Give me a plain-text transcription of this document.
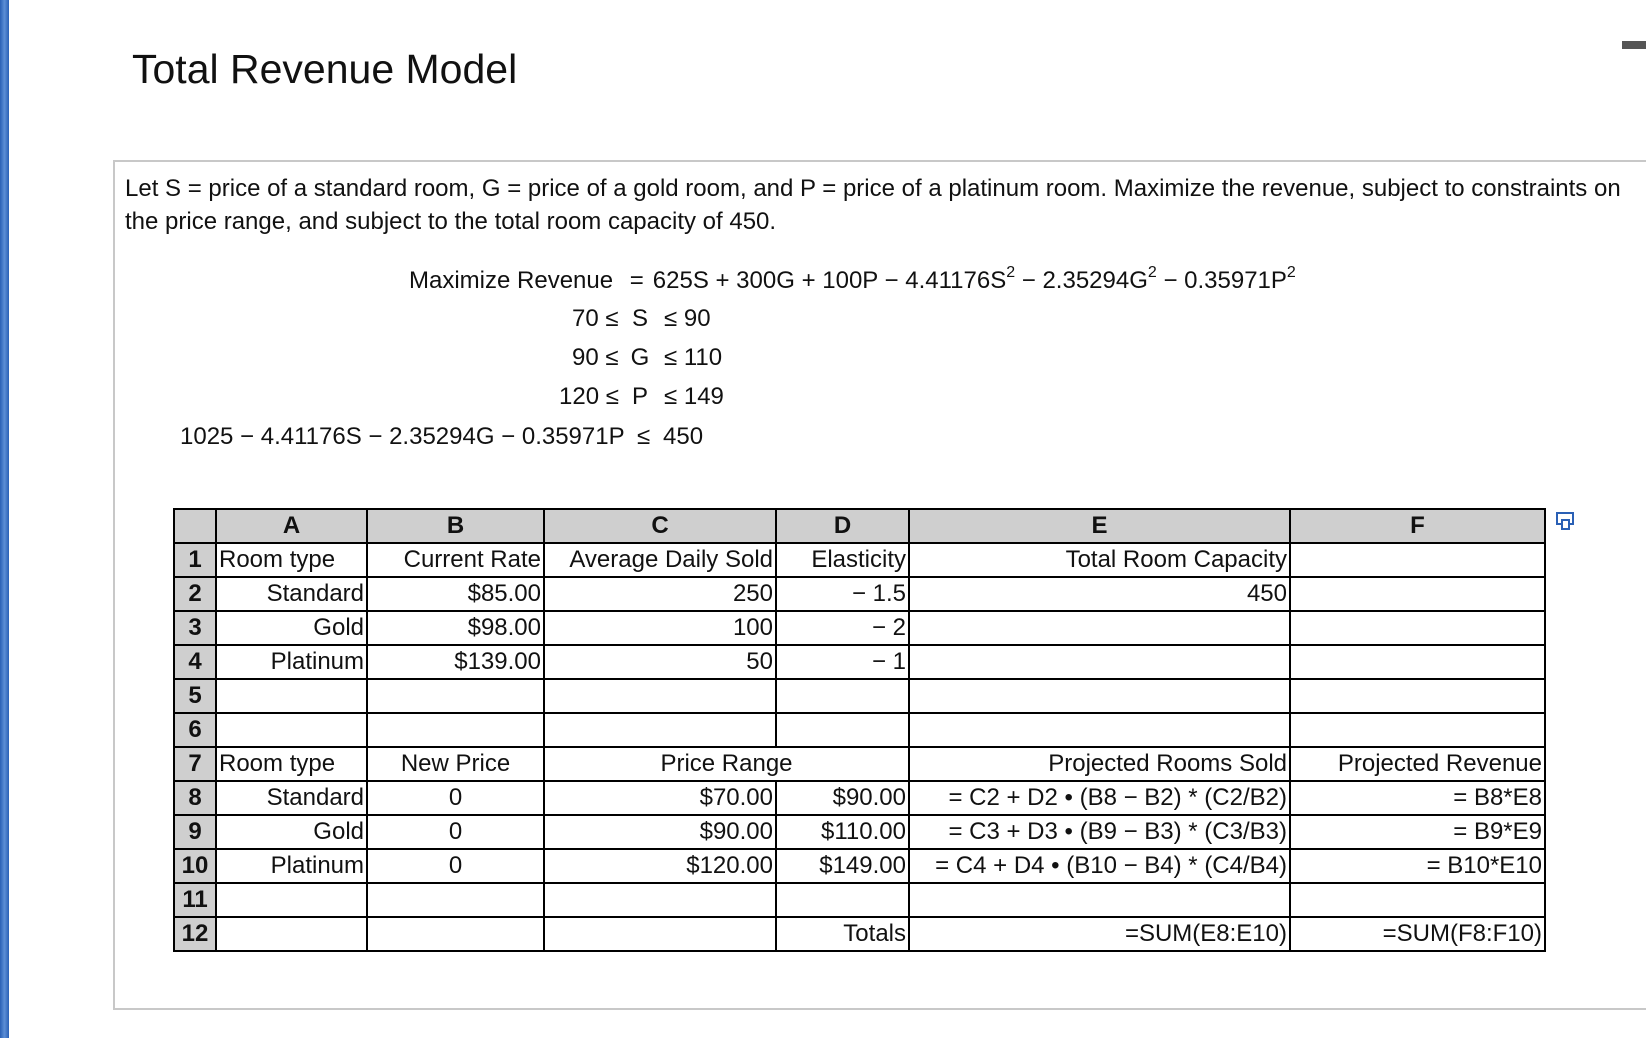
Total Revenue Model

Let S = price of a standard room, G = price of a gold room, and P = price of a platinum room. Maximize the revenue, subject to constraints on the price range, and subject to the total room capacity of 450.

Maximize Revenue = $625S + 300G + 100P - 4.41176S^2 - 2.35294G^2 - 0.35971P^2$
70 ≤ S ≤ 90
90 ≤ G ≤ 110
120 ≤ P ≤ 149
1025 − 4.41176S − 2.35294G − 0.35971P ≤ 450
	A	B	C	D	E	F
1	Room type	Current Rate	Average Daily Sold	Elasticity	Total Room Capacity	
2	Standard	$85.00	250	− 1.5	450	
3	Gold	$98.00	100	− 2		
4	Platinum	$139.00	50	− 1		
5						
6						
7	Room type	New Price	Price Range		Projected Rooms Sold	Projected Revenue
8	Standard	0	$70.00	$90.00	= C2 + D2 • (B8 − B2) * (C2/B2)	= B8*E8
9	Gold	0	$90.00	$110.00	= C3 + D3 • (B9 − B3) * (C3/B3)	= B9*E9
10	Platinum	0	$120.00	$149.00	= C4 + D4 • (B10 − B4) * (C4/B4)	= B10*E10
11						
12				Totals	=SUM(E8:E10)	=SUM(F8:F10)
